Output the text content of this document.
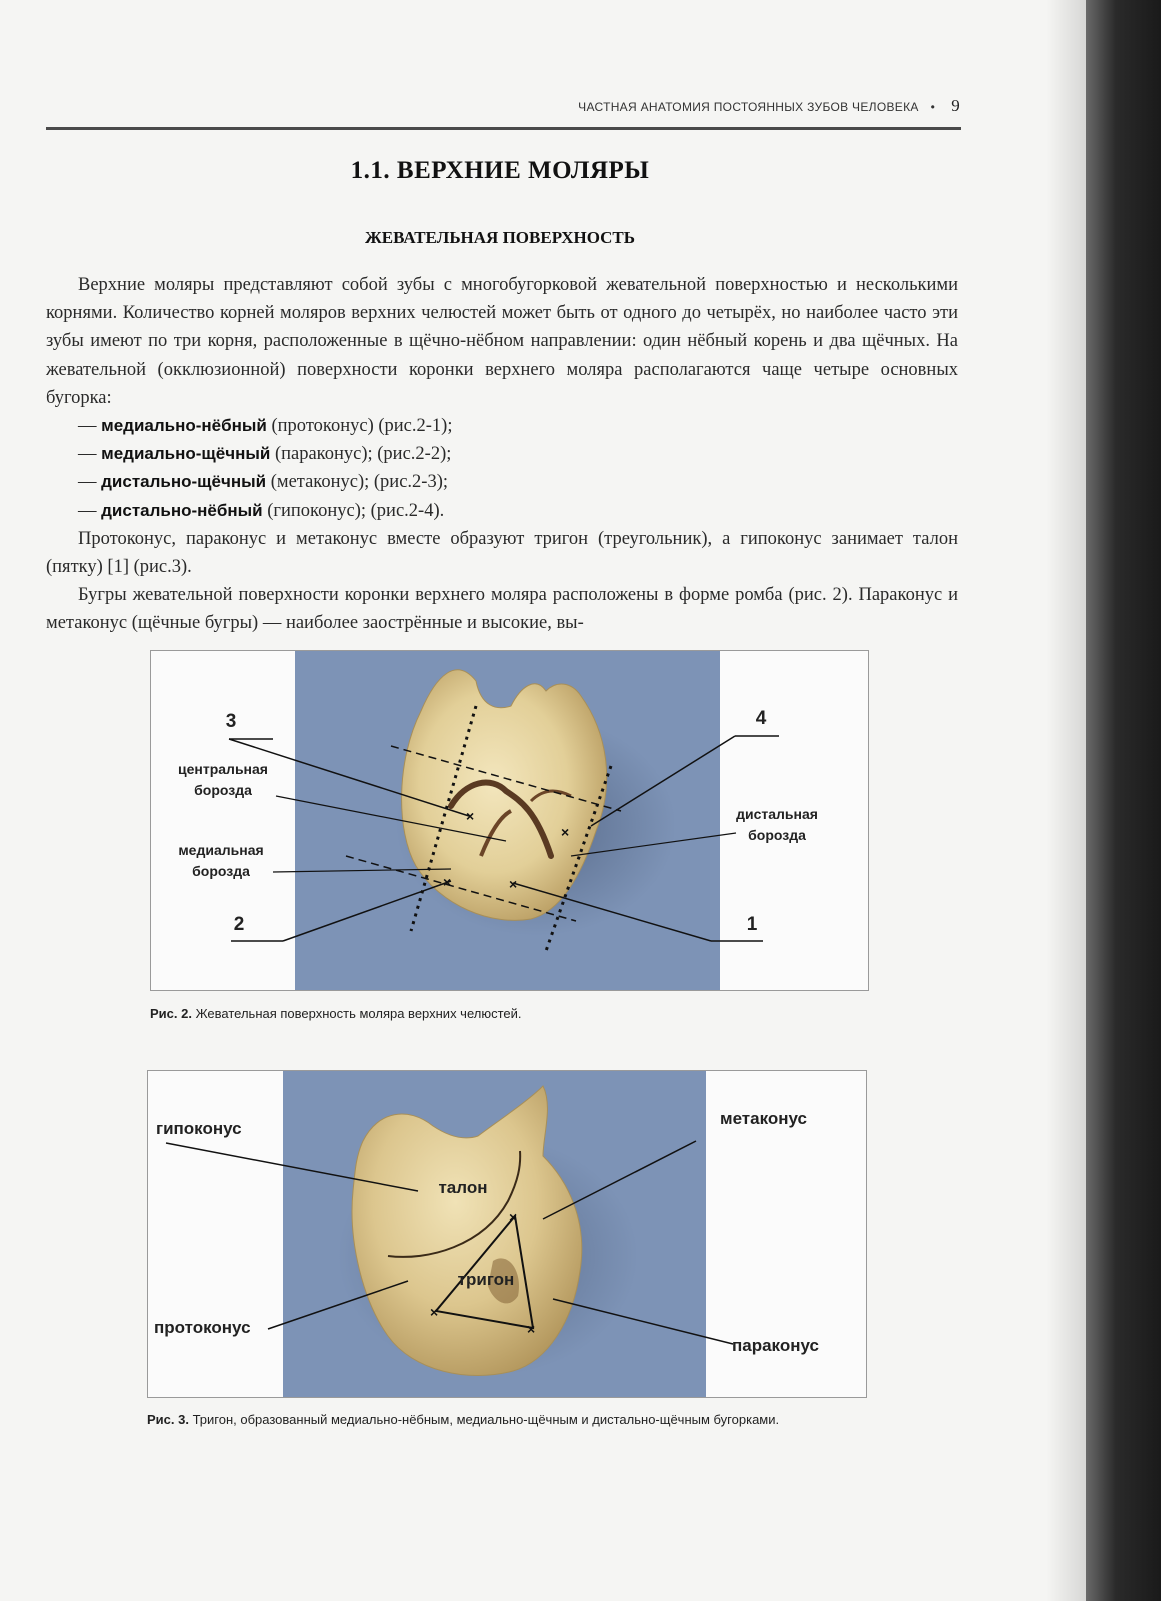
ЧАСТНАЯ АНАТОМИЯ ПОСТОЯННЫХ ЗУБОВ ЧЕЛОВЕКА • 9
1.1. ВЕРХНИЕ МОЛЯРЫ
ЖЕВАТЕЛЬНАЯ ПОВЕРХНОСТЬ

Верхние моляры представляют собой зубы с многобугорковой жевательной поверхностью и несколькими корнями. Количество корней моляров верхних челюстей может быть от одного до четырёх, но наиболее часто эти зубы имеют по три корня, расположенные в щёчно-нёбном направлении: один нёбный корень и два щёчных. На жевательной (окклюзионной) поверхности коронки верхнего моляра располагаются чаще четыре основных бугорка:

— медиально-нёбный (протоконус) (рис.2-1);
— медиально-щёчный (параконус); (рис.2-2);
— дистально-щёчный (метаконус); (рис.2-3);
— дистально-нёбный (гипоконус); (рис.2-4).

Протоконус, параконус и метаконус вместе образуют тригон (треугольник), а гипоконус занимает талон (пятку) [1] (рис.3).

Бугры жевательной поверхности коронки верхнего моляра расположены в форме ромба (рис. 2). Параконус и метаконус (щёчные бугры) — наиболее заострённые и высокие, вы-

×
×
×	×
3	4
центральная борозда
медиальная борозда
дистальная борозда
2	1
Рис. 2. Жевательная поверхность моляра верхних челюстей.
×
×
×
гипоконус
метаконус
талон
тригон
протоконус
параконус
Рис. 3. Тригон, образованный медиально-нёбным, медиально-щёчным и дистально-щёчным бугорками.
